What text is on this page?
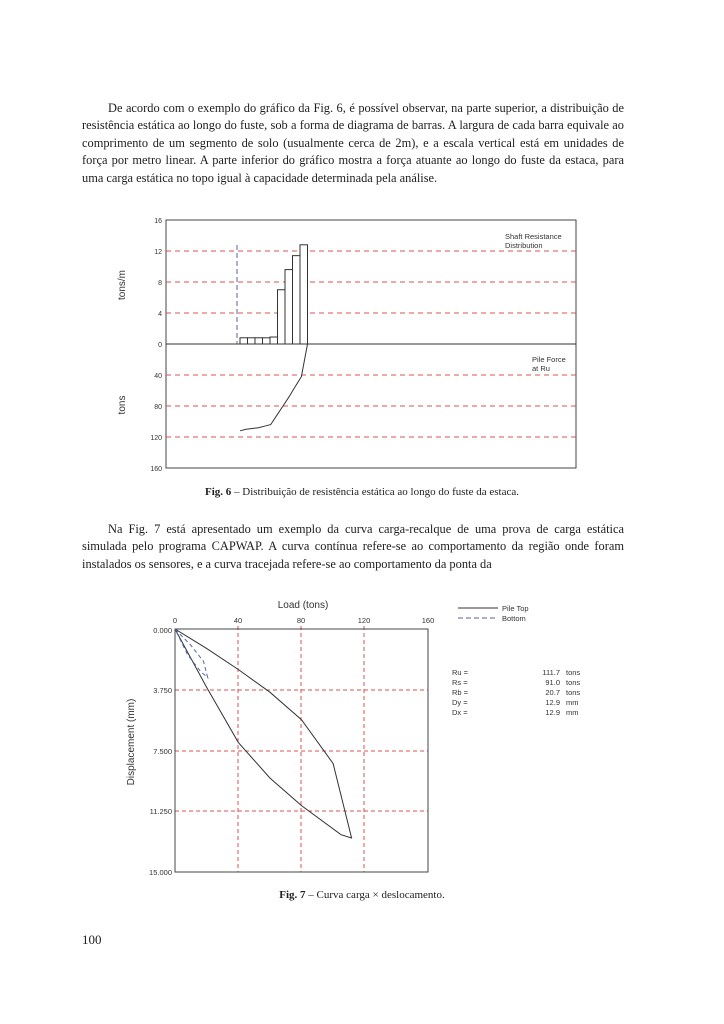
De acordo com o exemplo do gráfico da Fig. 6, é possível observar, na parte superior, a distribuição de resistência estática ao longo do fuste, sob a forma de diagrama de barras. A largura de cada barra equivale ao comprimento de um segmento de solo (usualmente cerca de 2m), e a escala vertical está em unidades de força por metro linear. A parte inferior do gráfico mostra a força atuante ao longo do fuste da estaca, para uma carga estática no topo igual à capacidade determinada pela análise.

tons/m
tons
16
12
8
4
0
40
80
120
160
Shaft Resistance
Distribution
Pile Force
at Ru

Fig. 6 – Distribuição de resistência estática ao longo do fuste da estaca.

Na Fig. 7 está apresentado um exemplo da curva carga-recalque de uma prova de carga estática simulada pelo programa CAPWAP. A curva contínua refere-se ao comportamento da região onde foram instalados os sensores, e a curva tracejada refere-se ao comportamento da ponta da

Load (tons)
Displacement (mm)
0	40	80	120	160
0.000
3.750
7.500
11.250
15.000
Pile Top
Bottom
Ru =	111.7 tons
Rs =	91.0 tons
Rb =	20.7 tons
Dy =	12.9 mm
Dx =	12.9 mm

Fig. 7 – Curva carga × deslocamento.

100
